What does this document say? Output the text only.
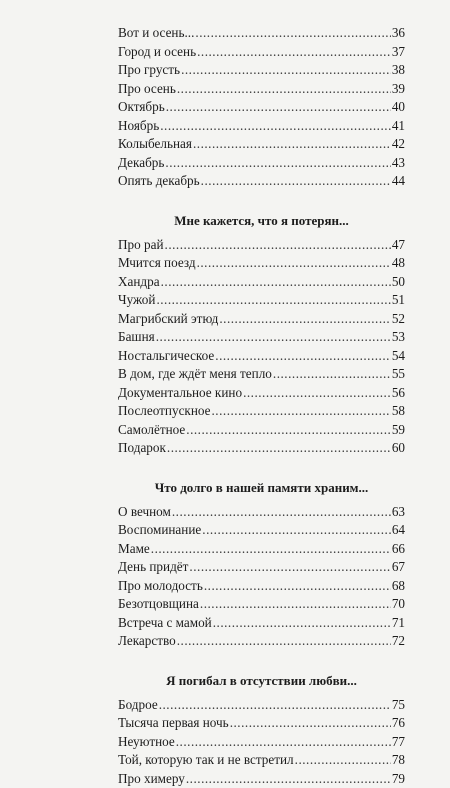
Вот и осень... .....	36
Город и осень .....	37
Про грусть .....	38
Про осень .....	39
Октябрь .....	40
Ноябрь .....	41
Колыбельная .....	42
Декабрь .....	43
Опять декабрь .....	44
Мне кажется, что я потерян...
Про рай .....	47
Мчится поезд .....	48
Хандра .....	50
Чужой .....	51
Магрибский этюд .....	52
Башня .....	53
Ностальгическое .....	54
В дом, где ждёт меня тепло .....	55
Документальное кино .....	56
Послеотпускное .....	58
Самолётное .....	59
Подарок .....	60
Что долго в нашей памяти храним...
О вечном .....	63
Воспоминание .....	64
Маме .....	66
День придёт .....	67
Про молодость .....	68
Безотцовщина .....	70
Встреча с мамой .....	71
Лекарство .....	72
Я погибал в отсутствии любви...
Бодрое .....	75
Тысяча первая ночь .....	76
Неуютное .....	77
Той, которую так и не встретил .....	78
Про химеру .....	79
